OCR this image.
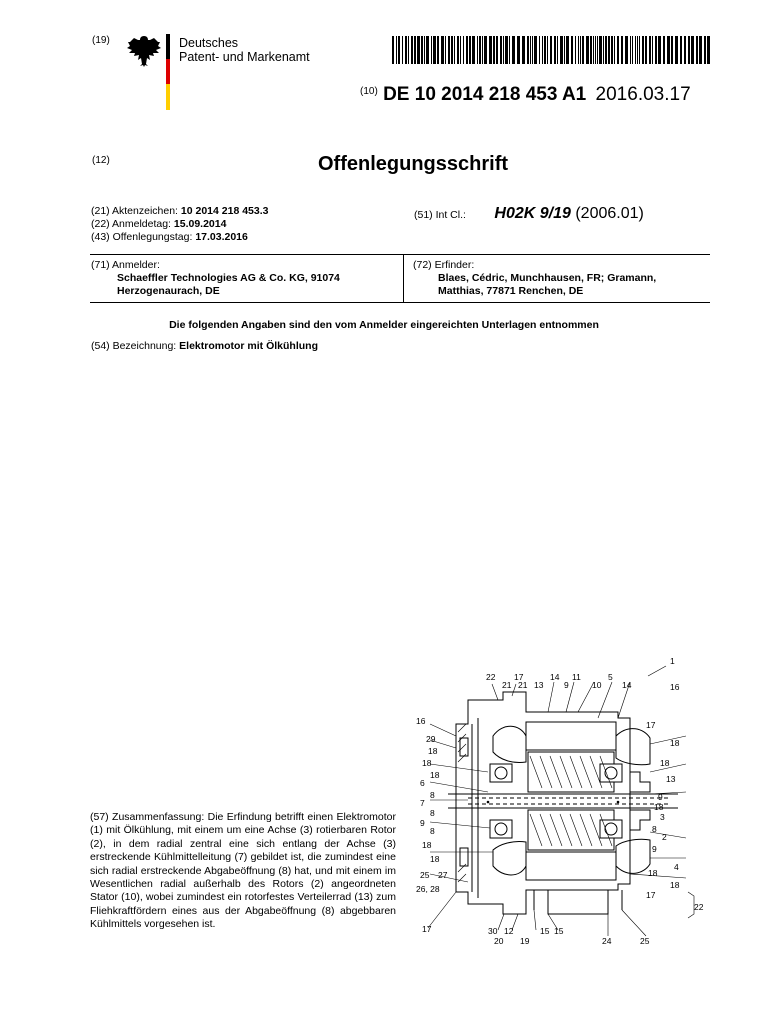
(19)	Deutsches
Patent- und Markenamt
$^{(10)}$ DE 10 2014 218 453 A1 2016.03.17
(12)	Offenlegungsschrift
(21) Aktenzeichen: 10 2014 218 453.3
(22) Anmeldetag: 15.09.2014
(43) Offenlegungstag: 17.03.2016
(51) Int Cl.: H02K 9/19 (2006.01)
(71) Anmelder:
Schaeffler Technologies AG & Co. KG, 91074
Herzogenaurach, DE
(72) Erfinder:
Blaes, Cédric, Munchhausen, FR; Gramann,
Matthias, 77871 Renchen, DE
Die folgenden Angaben sind den vom Anmelder eingereichten Unterlagen entnommen
(54) Bezeichnung: Elektromotor mit Ölkühlung
(57) Zusammenfassung: Die Erfindung betrifft einen Elektromotor (1) mit Ölkühlung, mit einem um eine Achse (3) rotierbaren Rotor (2), in dem radial zentral eine sich entlang der Achse (3) erstreckende Kühlmittelleitung (7) gebildet ist, die zumindest eine sich radial erstreckende Abgabeöffnung (8) hat, und mit einem im Wesentlichen radial außerhalb des Rotors (2) angeordneten Stator (10), wobei zumindest ein rotorfestes Verteilerrad (13) zum Fliehkraftfördern eines aus der Abgabeöffnung (8) abgebbaren Kühlmittels vorgesehen ist.
1
16
22 17
21 21 13
14 11
9	10
5
14
16
29
18
18
18
6
8
7
8
9
8
18
18
25
26, 28
27
17	30 12
20 19
15 15
24	25
17
18
18
13
9
18
3
8
2
9
4
18
18
17
22
